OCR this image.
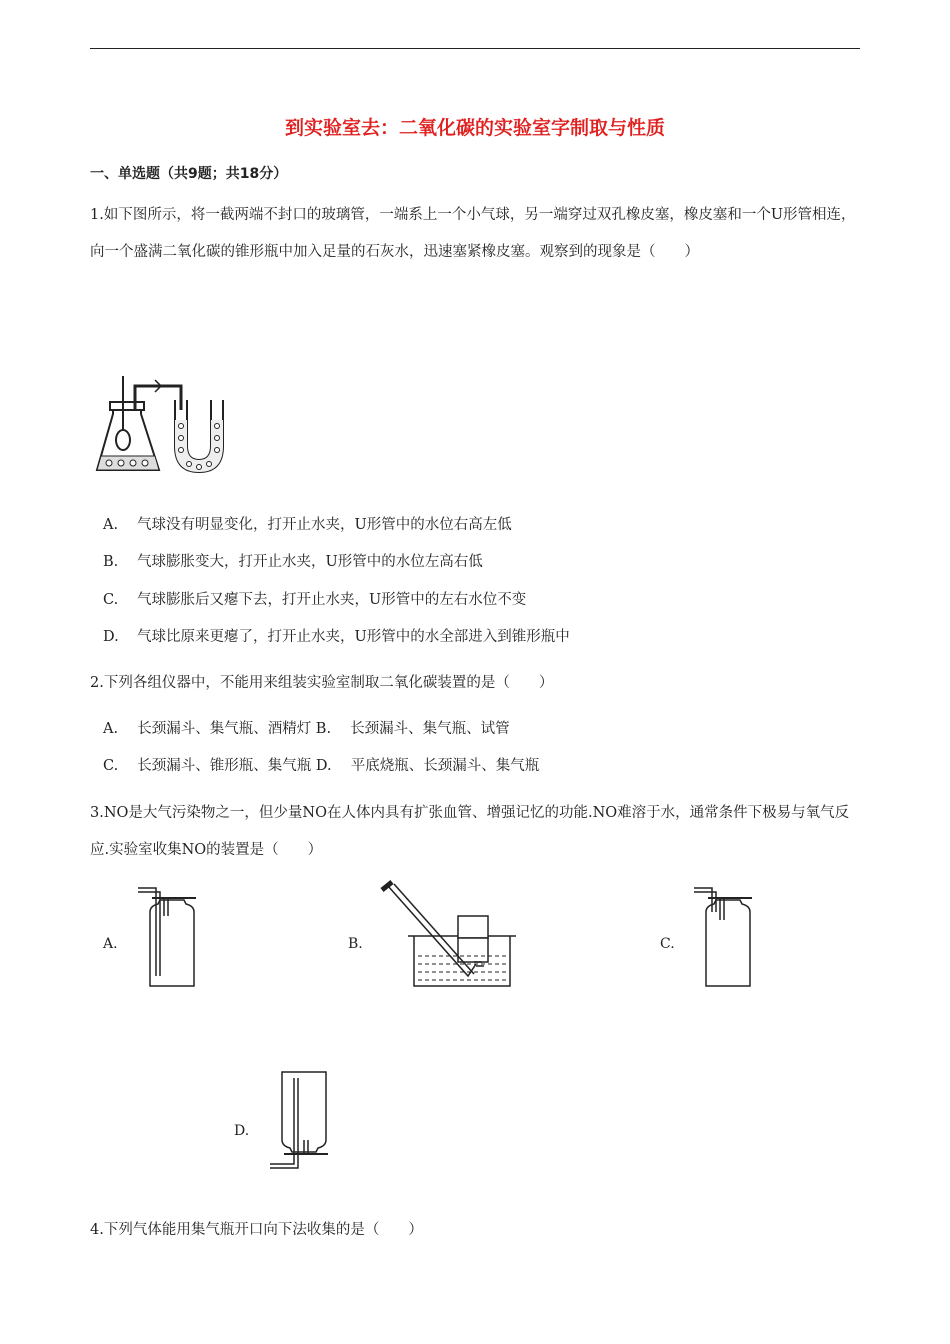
到实验室去：二氧化碳的实验室字制取与性质
一、单选题（共9题；共18分）
1.如下图所示，将一截两端不封口的玻璃管，一端系上一个小气球，另一端穿过双孔橡皮塞，橡皮塞和一个U形管相连，向一个盛满二氧化碳的锥形瓶中加入足量的石灰水，迅速塞紧橡皮塞。观察到的现象是（　　）
A. 气球没有明显变化，打开止水夹，U形管中的水位右高左低
B. 气球膨胀变大，打开止水夹，U形管中的水位左高右低
C. 气球膨胀后又瘪下去，打开止水夹，U形管中的左右水位不变
D. 气球比原来更瘪了，打开止水夹，U形管中的水全部进入到锥形瓶中
2.下列各组仪器中，不能用来组装实验室制取二氧化碳装置的是（　　）
A.　 长颈漏斗、集气瓶、酒精灯 B.　 长颈漏斗、集气瓶、试管
C.　 长颈漏斗、锥形瓶、集气瓶 D.　 平底烧瓶、长颈漏斗、集气瓶
3.NO是大气污染物之一，但少量NO在人体内具有扩张血管、增强记忆的功能.NO难溶于水，通常条件下极易与氧气反应.实验室收集NO的装置是（　　）
A.	B.	C.
D.
4.下列气体能用集气瓶开口向下法收集的是（　　）
